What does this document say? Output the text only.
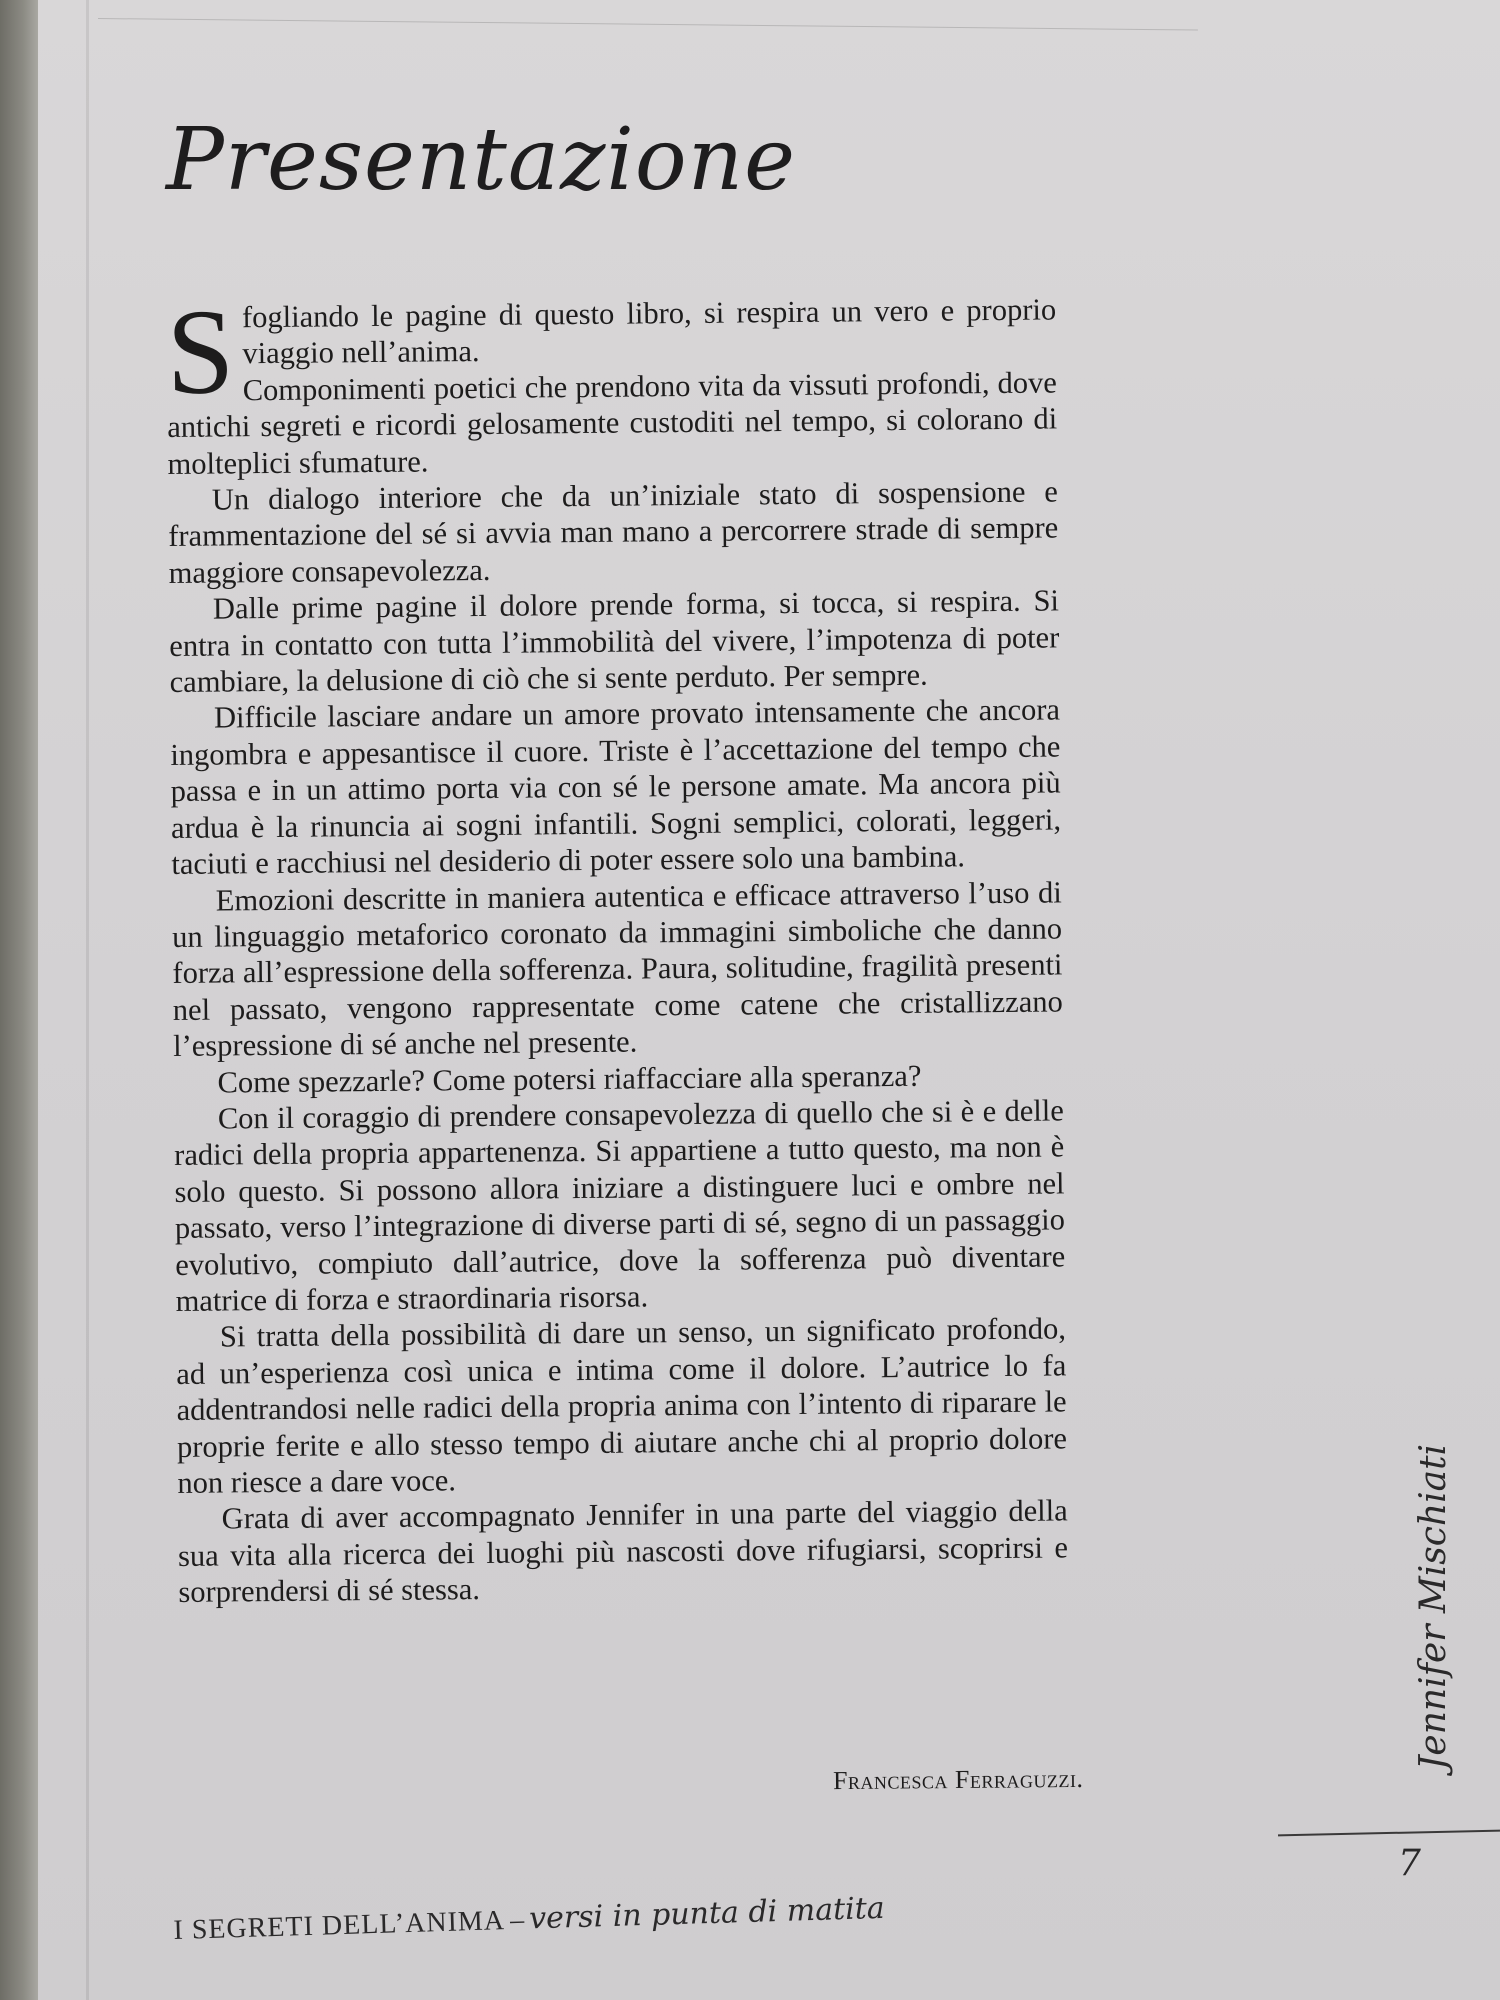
Presentazione

Sfogliando le pagine di questo libro, si respira un vero e proprio viaggio nell’anima.

Componimenti poetici che prendono vita da vissuti profondi, dove antichi segreti e ricordi gelosamente custoditi nel tempo, si colorano di molteplici sfumature.

Un dialogo interiore che da un’iniziale stato di sospensione e frammentazione del sé si avvia man mano a percorrere strade di sempre maggiore consapevolezza.

Dalle prime pagine il dolore prende forma, si tocca, si respira. Si entra in contatto con tutta l’immobilità del vivere, l’impotenza di poter cambiare, la delusione di ciò che si sente perduto. Per sempre.

Difficile lasciare andare un amore provato intensamente che ancora ingombra e appesantisce il cuore. Triste è l’accettazione del tempo che passa e in un attimo porta via con sé le persone amate. Ma ancora più ardua è la rinuncia ai sogni infantili. Sogni semplici, colorati, leggeri, taciuti e racchiusi nel desiderio di poter essere solo una bambina.

Emozioni descritte in maniera autentica e efficace attraverso l’uso di un linguaggio metaforico coronato da immagini simboliche che danno forza all’espressione della sofferenza. Paura, solitudine, fragilità presenti nel passato, vengono rappresentate come catene che cristallizzano l’espressione di sé anche nel presente.

Come spezzarle? Come potersi riaffacciare alla speranza?

Con il coraggio di prendere consapevolezza di quello che si è e delle radici della propria appartenenza. Si appartiene a tutto questo, ma non è solo questo. Si possono allora iniziare a distinguere luci e ombre nel passato, verso l’integrazione di diverse parti di sé, segno di un passaggio evolutivo, compiuto dall’autrice, dove la sofferenza può diventare matrice di forza e straordinaria risorsa.

Si tratta della possibilità di dare un senso, un significato profondo, ad un’esperienza così unica e intima come il dolore. L’autrice lo fa addentrandosi nelle radici della propria anima con l’intento di riparare le proprie ferite e allo stesso tempo di aiutare anche chi al proprio dolore non riesce a dare voce.

Grata di aver accompagnato Jennifer in una parte del viaggio della sua vita alla ricerca dei luoghi più nascosti dove rifugiarsi, scoprirsi e sorprendersi di sé stessa.

Francesca Ferraguzzi.
Jennifer Mischiati
7
I SEGRETI DELL’ANIMA – versi in punta di matita
